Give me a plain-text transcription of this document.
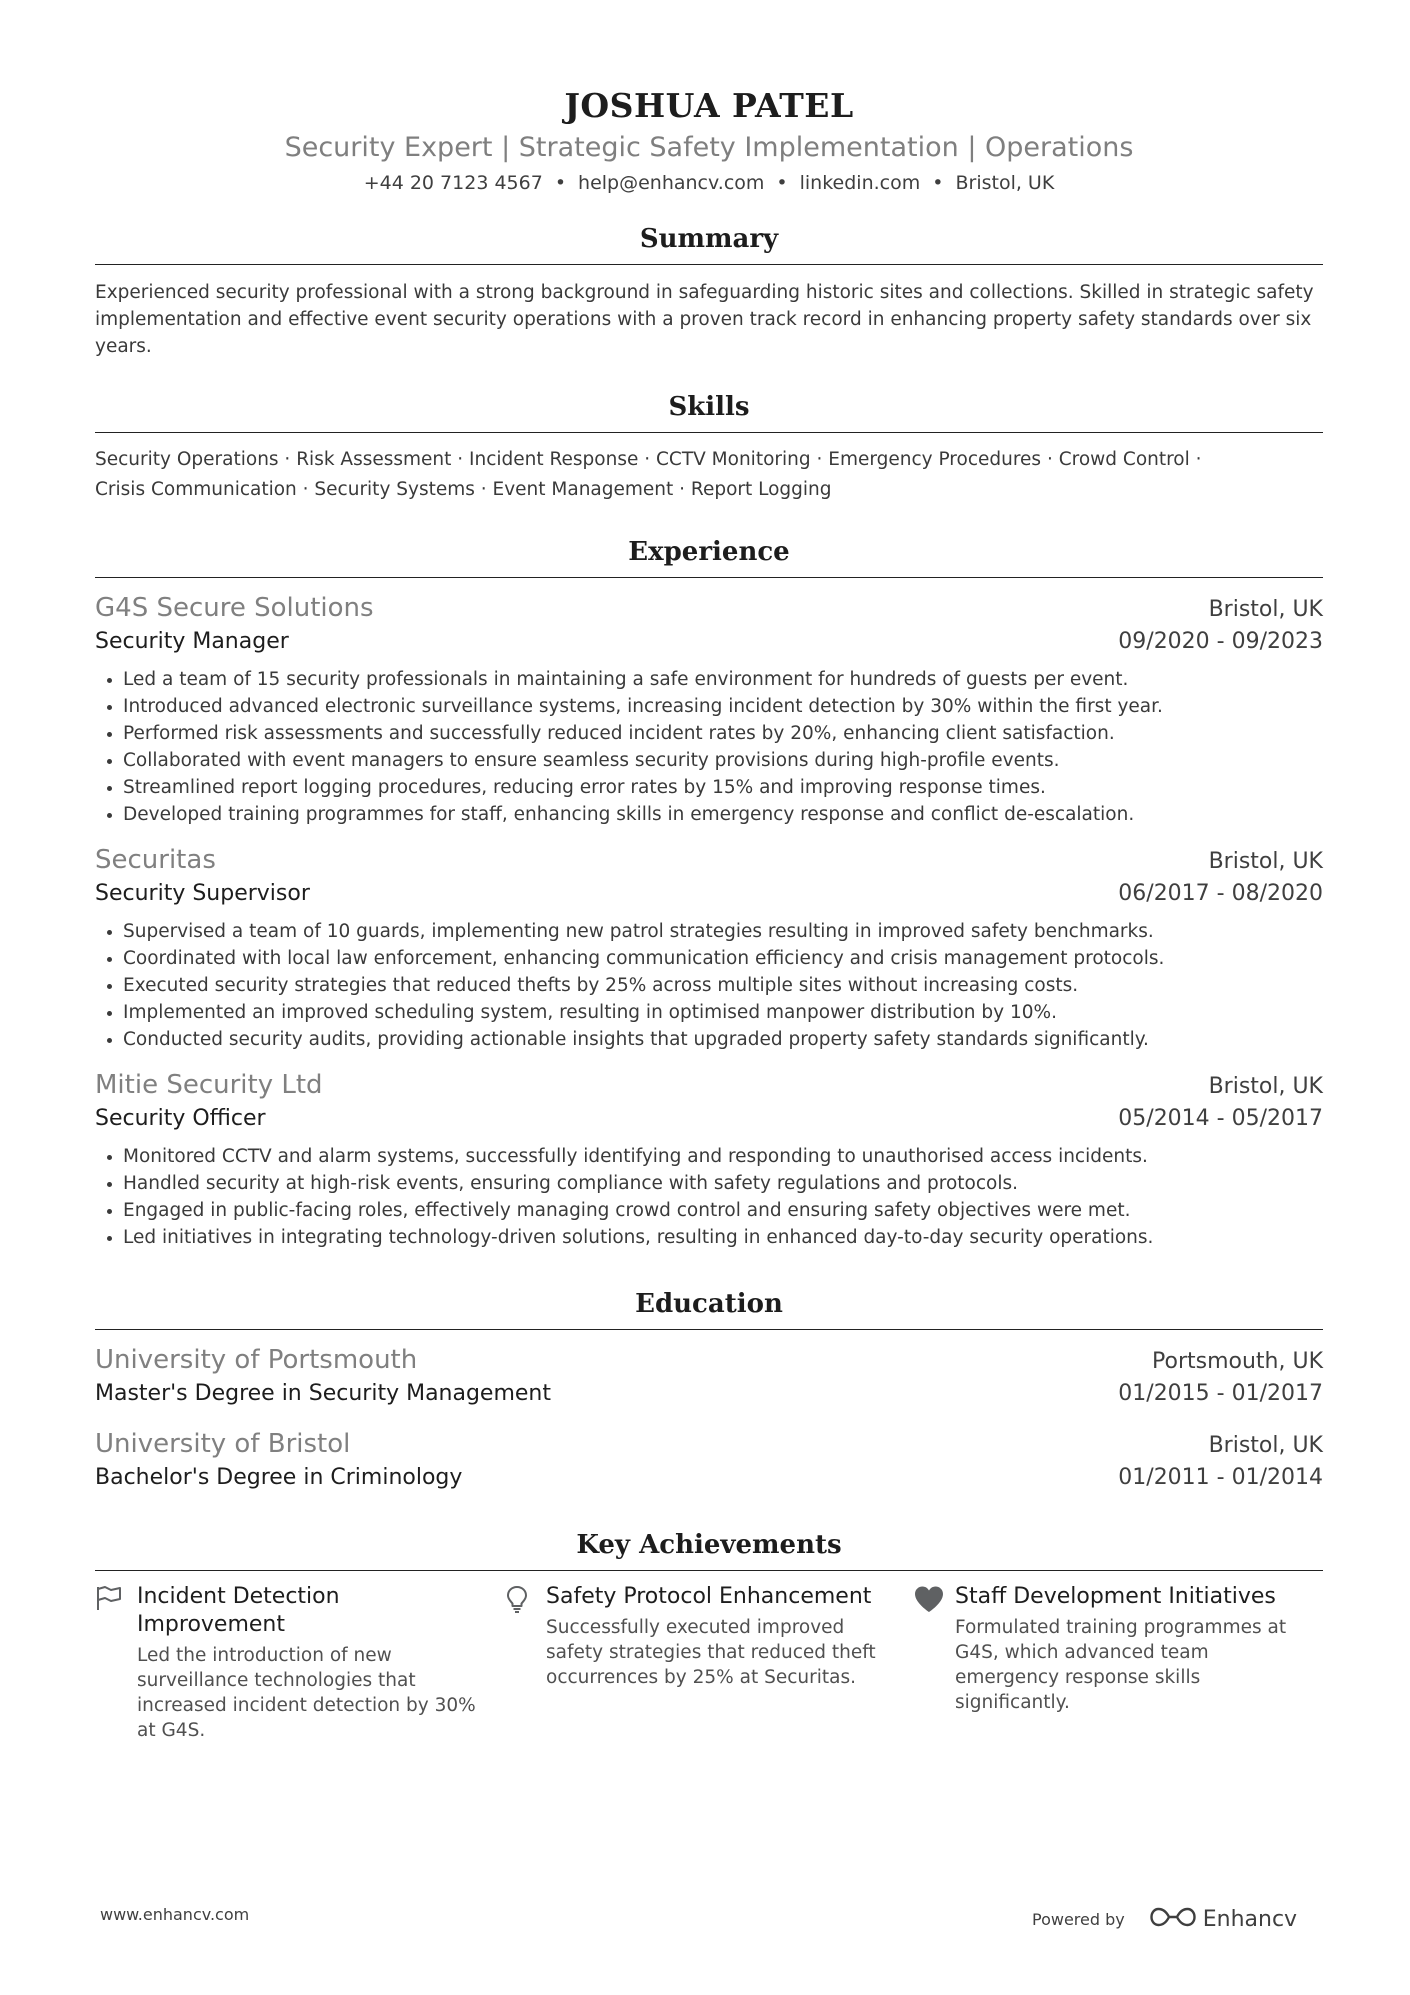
JOSHUA PATEL
Security Expert | Strategic Safety Implementation | Operations
+44 20 7123 4567 • help@enhancv.com • linkedin.com • Bristol, UK
Summary
Experienced security professional with a strong background in safeguarding historic sites and collections. Skilled in strategic safety implementation and effective event security operations with a proven track record in enhancing property safety standards over six years.
Skills
Security Operations · Risk Assessment · Incident Response · CCTV Monitoring · Emergency Procedures · Crowd Control ·
Crisis Communication · Security Systems · Event Management · Report Logging
Experience
G4S Secure Solutions	Bristol, UK
Security Manager	09/2020 - 09/2023
• Led a team of 15 security professionals in maintaining a safe environment for hundreds of guests per event.
• Introduced advanced electronic surveillance systems, increasing incident detection by 30% within the first year.
• Performed risk assessments and successfully reduced incident rates by 20%, enhancing client satisfaction.
• Collaborated with event managers to ensure seamless security provisions during high-profile events.
• Streamlined report logging procedures, reducing error rates by 15% and improving response times.
• Developed training programmes for staff, enhancing skills in emergency response and conflict de-escalation.
Securitas	Bristol, UK
Security Supervisor	06/2017 - 08/2020
• Supervised a team of 10 guards, implementing new patrol strategies resulting in improved safety benchmarks.
• Coordinated with local law enforcement, enhancing communication efficiency and crisis management protocols.
• Executed security strategies that reduced thefts by 25% across multiple sites without increasing costs.
• Implemented an improved scheduling system, resulting in optimised manpower distribution by 10%.
• Conducted security audits, providing actionable insights that upgraded property safety standards significantly.
Mitie Security Ltd	Bristol, UK
Security Officer	05/2014 - 05/2017
• Monitored CCTV and alarm systems, successfully identifying and responding to unauthorised access incidents.
• Handled security at high-risk events, ensuring compliance with safety regulations and protocols.
• Engaged in public-facing roles, effectively managing crowd control and ensuring safety objectives were met.
• Led initiatives in integrating technology-driven solutions, resulting in enhanced day-to-day security operations.
Education
University of Portsmouth	Portsmouth, UK
Master's Degree in Security Management	01/2015 - 01/2017
University of Bristol	Bristol, UK
Bachelor's Degree in Criminology	01/2011 - 01/2014
Key Achievements
Incident Detection Improvement
Led the introduction of new surveillance technologies that increased incident detection by 30% at G4S.
Safety Protocol Enhancement
Successfully executed improved safety strategies that reduced theft occurrences by 25% at Securitas.
Staff Development Initiatives
Formulated training programmes at G4S, which advanced team emergency response skills significantly.
www.enhancv.com	Powered by	Enhancv
